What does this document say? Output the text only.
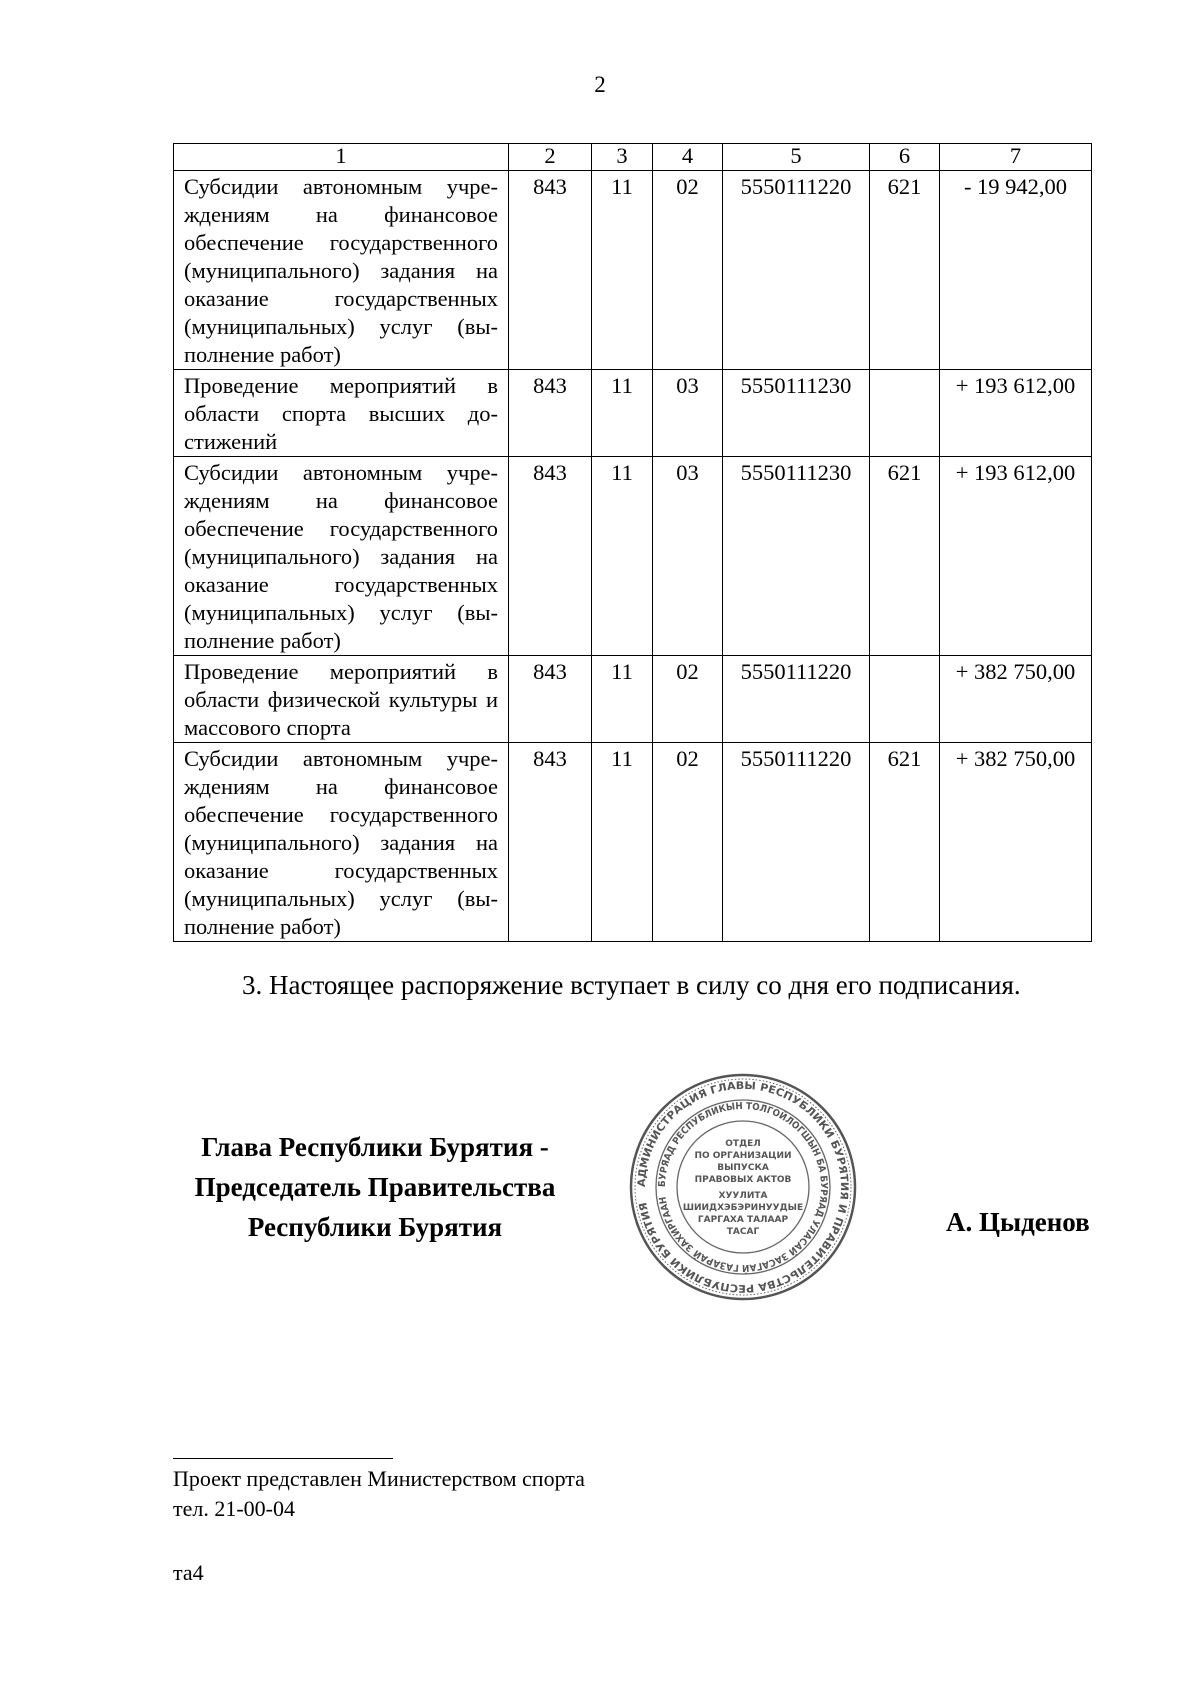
2
1	2	3	4	5	6	7
Субсидии автономным учреждениям на финансовое обеспечение государственного (муниципального) задания на оказание государственных (муниципальных) услуг (выполнение работ)	843	11	02	5550111220	621	- 19 942,00
Проведение мероприятий в области спорта высших достижений	843	11	03	5550111230		+ 193 612,00
Субсидии автономным учреждениям на финансовое обеспечение государственного (муниципального) задания на оказание государственных (муниципальных) услуг (выполнение работ)	843	11	03	5550111230	621	+ 193 612,00
Проведение мероприятий в области физической культуры и массового спорта	843	11	02	5550111220		+ 382 750,00
Субсидии автономным учреждениям на финансовое обеспечение государственного (муниципального) задания на оказание государственных (муниципальных) услуг (выполнение работ)	843	11	02	5550111220	621	+ 382 750,00
3. Настоящее распоряжение вступает в силу со дня его подписания.
Глава Республики Бурятия -
Председатель Правительства
Республики Бурятия
АДМИНИСТРАЦИЯ ГЛАВЫ РЕСПУБЛИКИ БУРЯТИЯ И ПРАВИТЕЛЬСТВА РЕСПУБЛИКИ БУРЯТИЯ
БУРЯАД РЕСПУБЛИКЫН ТОЛГОЙЛОГШЫН БА БУРЯАД УЛАСАЙ ЗАСАГАЙ ГАЗАРАЙ ЗАХИРГААН
ОТДЕЛ
ПО ОРГАНИЗАЦИИ
ВЫПУСКА
ПРАВОВЫХ АКТОВ
ХУУЛИТА
ШИИДХЭБЭРИНУУДЫЕ
ГАРГАХА ТАЛААР
ТАСАГ	А. Цыденов
Проект представлен Министерством спорта
тел. 21-00-04
та4
